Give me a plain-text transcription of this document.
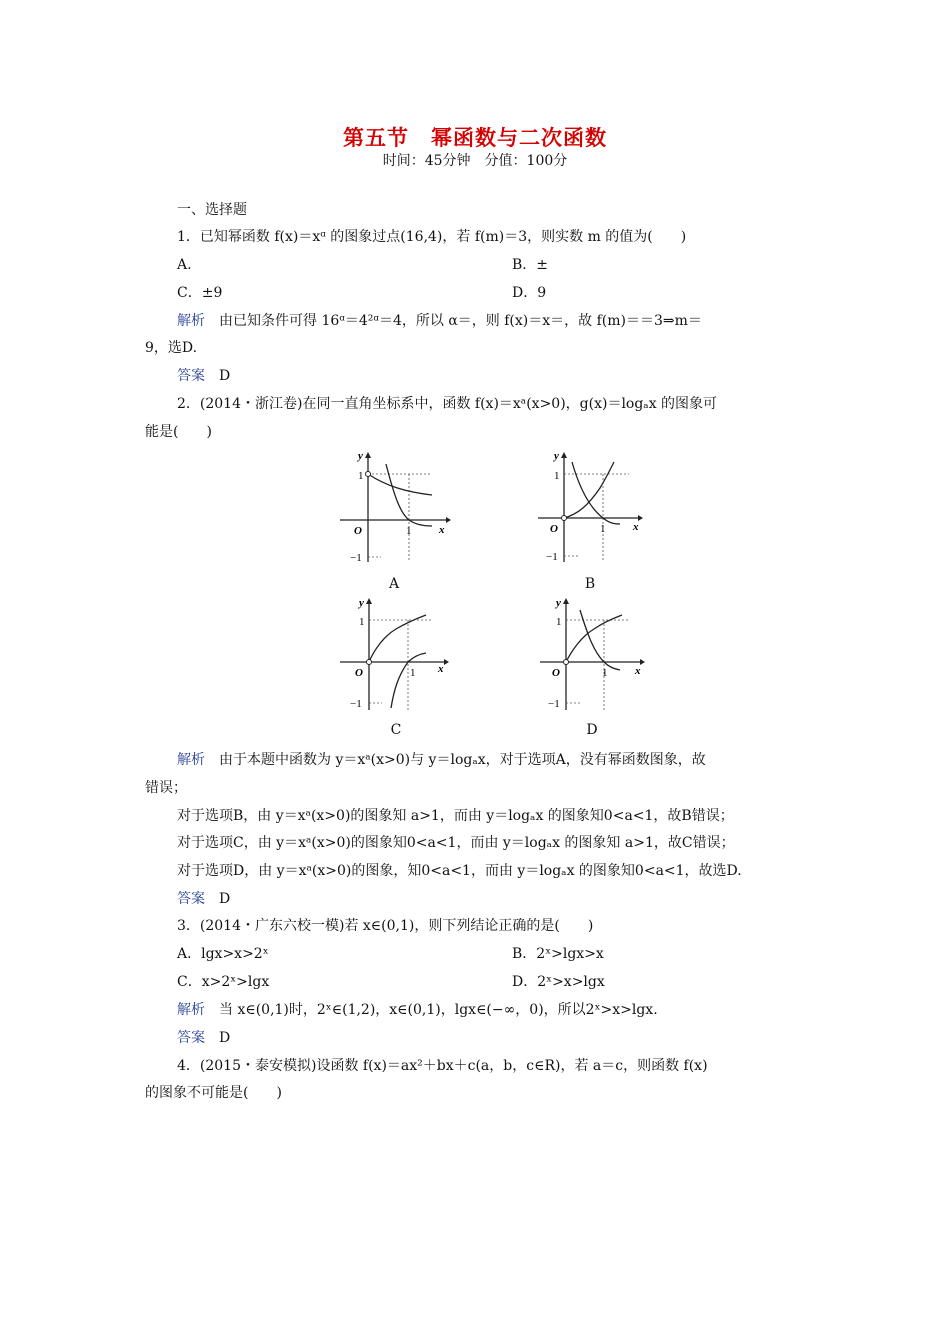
第五节　幂函数与二次函数
时间：45分钟　分值：100分
一、选择题
1．已知幂函数 f(x)＝xᵅ 的图象过点(16,4)，若 f(m)＝3，则实数 m 的值为(　　)
A.	B．±
C．±9	D．9
解析　由已知条件可得 16ᵅ＝4²ᵅ＝4，所以 α＝，则 f(x)＝x＝，故 f(m)＝＝3⇒m＝
9，选D.
答案　D
2．(2014・浙江卷)在同一直角坐标系中，函数 f(x)＝xᵃ(x>0)，g(x)＝logₐx 的图象可
能是(　　)
y
x
O
1
1
−1
A
y
x
O
1
1
−1
B
y
x
O
1
1
−1
C
y
x
O
1
1
−1
D
解析　由于本题中函数为 y＝xᵃ(x>0)与 y＝logₐx，对于选项A，没有幂函数图象，故
错误；
对于选项B，由 y＝xᵃ(x>0)的图象知 a>1，而由 y＝logₐx 的图象知0<a<1，故B错误；
对于选项C，由 y＝xᵃ(x>0)的图象知0<a<1，而由 y＝logₐx 的图象知 a>1，故C错误；
对于选项D，由 y＝xᵃ(x>0)的图象，知0<a<1，而由 y＝logₐx 的图象知0<a<1，故选D.
答案　D
3．(2014・广东六校一模)若 x∈(0,1)，则下列结论正确的是(　　)
A．lgx>x>2ˣ	B．2ˣ>lgx>x
C．x>2ˣ>lgx	D．2ˣ>x>lgx
解析　当 x∈(0,1)时，2ˣ∈(1,2)，x∈(0,1)，lgx∈(−∞，0)，所以2ˣ>x>lgx.
答案　D
4．(2015・泰安模拟)设函数 f(x)＝ax²＋bx＋c(a，b，c∈R)，若 a＝c，则函数 f(x)
的图象不可能是(　　)
